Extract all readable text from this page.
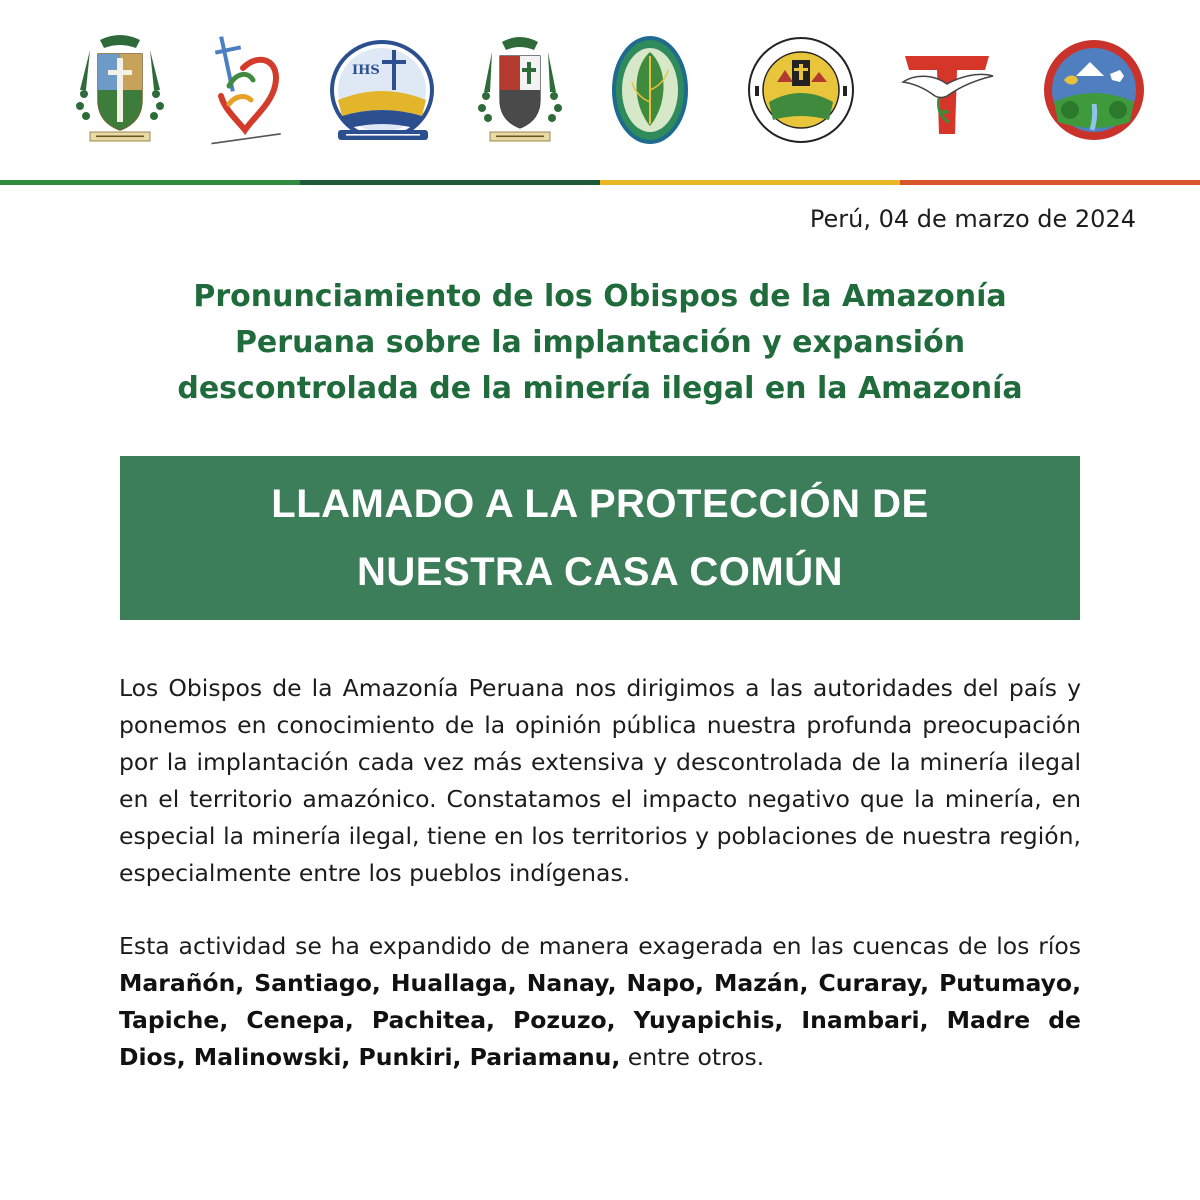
IHS
Perú, 04 de marzo de 2024
Pronunciamiento de los Obispos de la Amazonía
Peruana sobre la implantación y expansión
descontrolada de la minería ilegal en la Amazonía
LLAMADO A LA PROTECCIÓN DE
NUESTRA CASA COMÚN

Los Obispos de la Amazonía Peruana nos dirigimos a las autoridades del país y ponemos en conocimiento de la opinión pública nuestra profunda preocupación por la implantación cada vez más extensiva y descontrolada de la minería ilegal en el territorio amazónico. Constatamos el impacto negativo que la minería, en especial la minería ilegal, tiene en los territorios y poblaciones de nuestra región, especialmente entre los pueblos indígenas.

Esta actividad se ha expandido de manera exagerada en las cuencas de los ríos Marañón, Santiago, Huallaga, Nanay, Napo, Mazán, Curaray, Putumayo, Tapiche, Cenepa, Pachitea, Pozuzo, Yuyapichis, Inambari, Madre de Dios, Malinowski, Punkiri, Pariamanu, entre otros.
